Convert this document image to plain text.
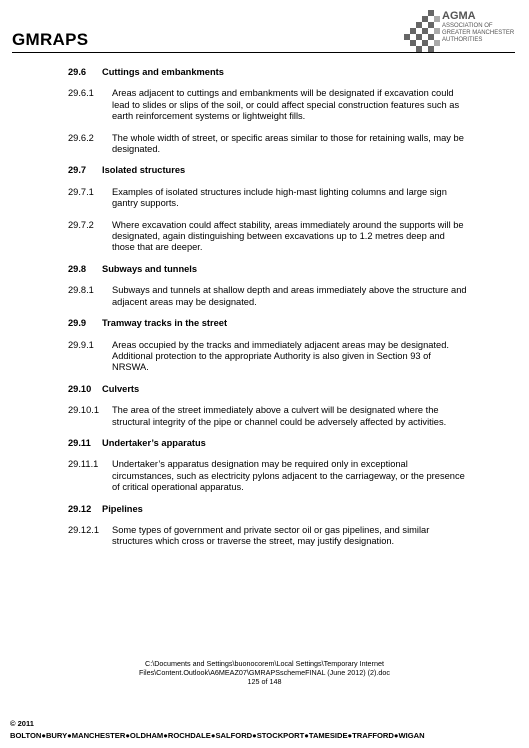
GMRAPS
AGMA
ASSOCIATION OF
GREATER MANCHESTER
AUTHORITIES
29.6	Cuttings and embankments
29.6.1	Areas adjacent to cuttings and embankments will be designated if excavation could lead to slides or slips of the soil, or could affect special construction features such as earth reinforcement systems or lightweight fills.
29.6.2	The whole width of street, or specific areas similar to those for retaining walls, may be designated.
29.7	Isolated structures
29.7.1	Examples of isolated structures include high-mast lighting columns and large sign gantry supports.
29.7.2	Where excavation could affect stability, areas immediately around the supports will be designated, again distinguishing between excavations up to 1.2 metres deep and those that are deeper.
29.8	Subways and tunnels
29.8.1	Subways and tunnels at shallow depth and areas immediately above the structure and adjacent areas may be designated.
29.9	Tramway tracks in the street
29.9.1	Areas occupied by the tracks and immediately adjacent areas may be designated. Additional protection to the appropriate Authority is also given in Section 93 of NRSWA.
29.10	Culverts
29.10.1	The area of the street immediately above a culvert will be designated where the structural integrity of the pipe or channel could be adversely affected by activities.
29.11	Undertaker’s apparatus
29.11.1	Undertaker’s apparatus designation may be required only in exceptional circumstances, such as electricity pylons adjacent to the carriageway, or the presence of critical operational apparatus.
29.12	Pipelines
29.12.1	Some types of government and private sector oil or gas pipelines, and similar structures which cross or traverse the street, may justify designation.
C:\Documents and Settings\buonocorem\Local Settings\Temporary Internet
Files\Content.Outlook\A6MEAZ07\GMRAPSschemeFINAL (June 2012) (2).doc
125 of 148
© 2011
BOLTON●BURY●MANCHESTER●OLDHAM●ROCHDALE●SALFORD●STOCKPORT●TAMESIDE●TRAFFORD●WIGAN
